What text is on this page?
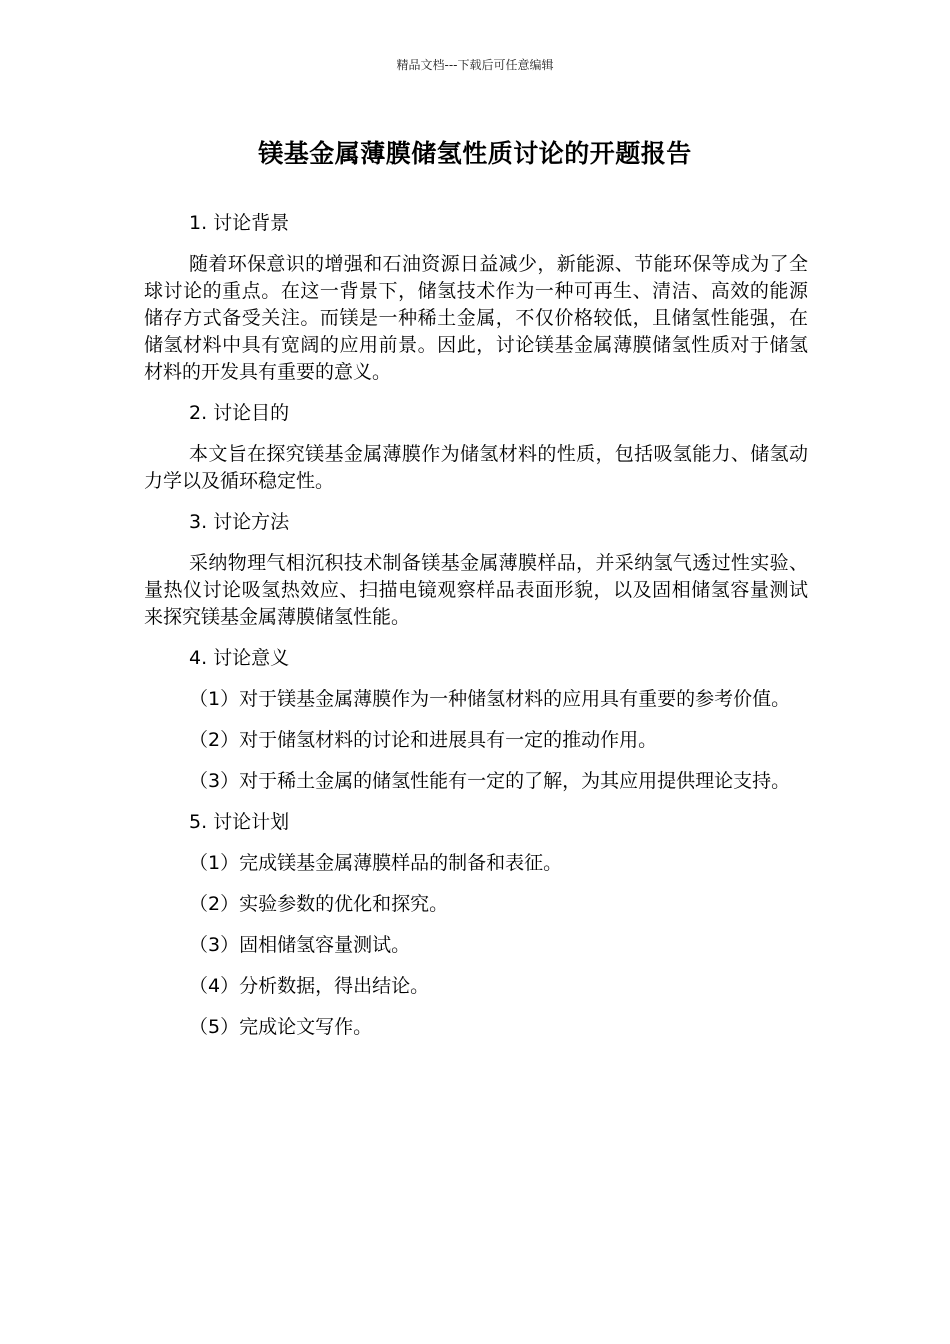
精品文档---下载后可任意编辑
镁基金属薄膜储氢性质讨论的开题报告

1. 讨论背景

随着环保意识的增强和石油资源日益减少，新能源、节能环保等成为了全球讨论的重点。在这一背景下，储氢技术作为一种可再生、清洁、高效的能源储存方式备受关注。而镁是一种稀土金属，不仅价格较低，且储氢性能强，在储氢材料中具有宽阔的应用前景。因此，讨论镁基金属薄膜储氢性质对于储氢材料的开发具有重要的意义。

2. 讨论目的

本文旨在探究镁基金属薄膜作为储氢材料的性质，包括吸氢能力、储氢动力学以及循环稳定性。

3. 讨论方法

采纳物理气相沉积技术制备镁基金属薄膜样品，并采纳氢气透过性实验、量热仪讨论吸氢热效应、扫描电镜观察样品表面形貌，以及固相储氢容量测试来探究镁基金属薄膜储氢性能。

4. 讨论意义

（1）对于镁基金属薄膜作为一种储氢材料的应用具有重要的参考价值。

（2）对于储氢材料的讨论和进展具有一定的推动作用。

（3）对于稀土金属的储氢性能有一定的了解，为其应用提供理论支持。

5. 讨论计划

（1）完成镁基金属薄膜样品的制备和表征。

（2）实验参数的优化和探究。

（3）固相储氢容量测试。

（4）分析数据，得出结论。

（5）完成论文写作。
